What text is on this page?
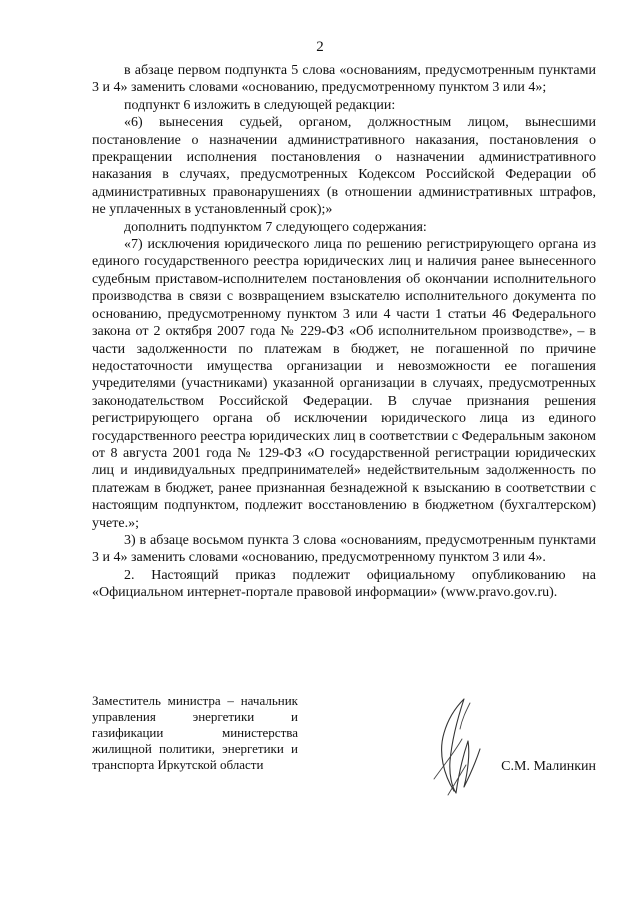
2

в абзаце первом подпункта 5 слова «основаниям, предусмотренным пунктами 3 и 4» заменить словами «основанию, предусмотренному пунктом 3 или 4»;

подпункт 6 изложить в следующей редакции:

«6) вынесения судьей, органом, должностным лицом, вынесшими постановление о назначении административного наказания, постановления о прекращении исполнения постановления о назначении административного наказания в случаях, предусмотренных Кодексом Российской Федерации об административных правонарушениях (в отношении административных штрафов, не уплаченных в установленный срок);»

дополнить подпунктом 7 следующего содержания:

«7) исключения юридического лица по решению регистрирующего органа из единого государственного реестра юридических лиц и наличия ранее вынесенного судебным приставом-исполнителем постановления об окончании исполнительного производства в связи с возвращением взыскателю исполнительного документа по основанию, предусмотренному пунктом 3 или 4 части 1 статьи 46 Федерального закона от 2 октября 2007 года № 229-ФЗ «Об исполнительном производстве», – в части задолженности по платежам в бюджет, не погашенной по причине недостаточности имущества организации и невозможности ее погашения учредителями (участниками) указанной организации в случаях, предусмотренных законодательством Российской Федерации. В случае признания решения регистрирующего органа об исключении юридического лица из единого государственного реестра юридических лиц в соответствии с Федеральным законом от 8 августа 2001 года № 129-ФЗ «О государственной регистрации юридических лиц и индивидуальных предпринимателей» недействительным задолженность по платежам в бюджет, ранее признанная безнадежной к взысканию в соответствии с настоящим подпунктом, подлежит восстановлению в бюджетном (бухгалтерском) учете.»;

3) в абзаце восьмом пункта 3 слова «основаниям, предусмотренным пунктами 3 и 4» заменить словами «основанию, предусмотренному пунктом 3 или 4».

2. Настоящий приказ подлежит официальному опубликованию на «Официальном интернет-портале правовой информации» (www.pravo.gov.ru).

Заместитель министра – начальник управления энергетики и газификации министерства жилищной политики, энергетики и транспорта Иркутской области	С.М. Малинкин
